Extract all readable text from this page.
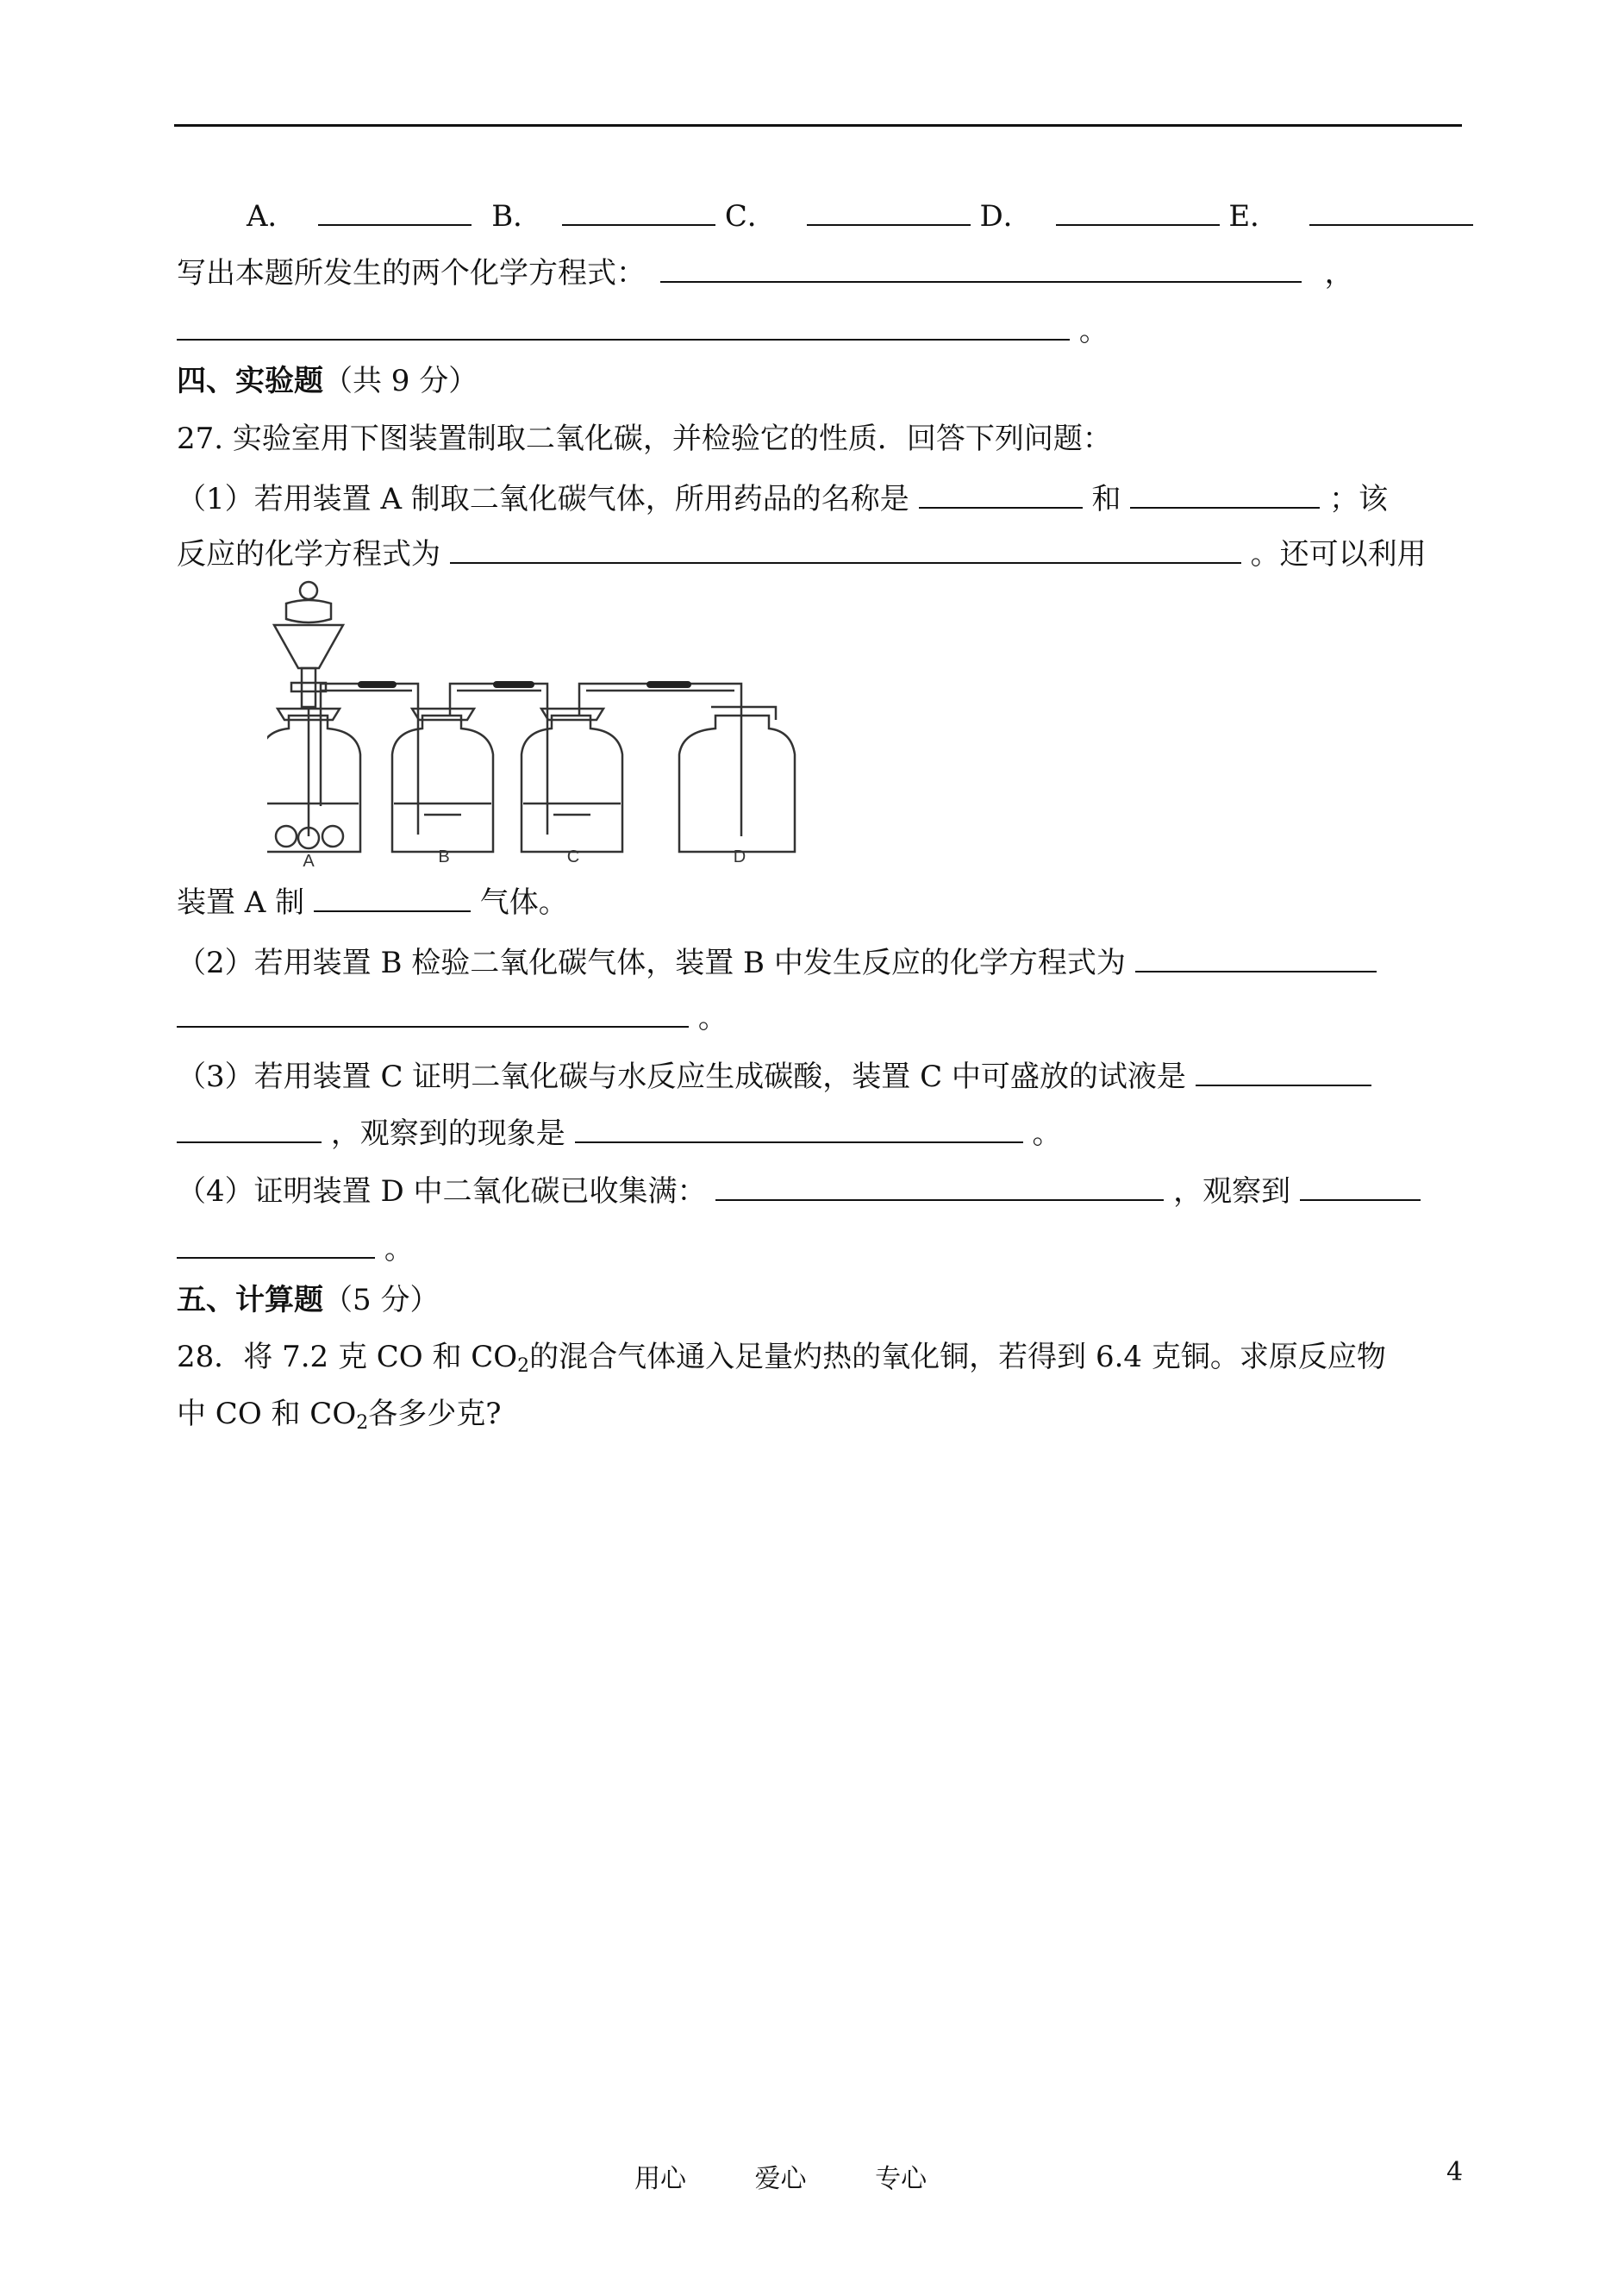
A．	B．	C．	D．	E．
写出本题所发生的两个化学方程式：	，
。
四、实验题（共 9 分）
27. 实验室用下图装置制取二氧化碳，并检验它的性质．回答下列问题：
（1）若用装置 A 制取二氧化碳气体，所用药品的名称是	和	；该
反应的化学方程式为	。还可以利用
A	B	C	D
装置 A 制	气体。
（2）若用装置 B 检验二氧化碳气体，装置 B 中发生反应的化学方程式为
。
（3）若用装置 C 证明二氧化碳与水反应生成碳酸，装置 C 中可盛放的试液是
，观察到的现象是	。
（4）证明装置 D 中二氧化碳已收集满：	，观察到
。
五、计算题（5 分）
28．将 7.2 克 CO 和 $CO_2$的混合气体通入足量灼热的氧化铜，若得到 6.4 克铜。求原反应物
中 CO 和 $CO_2$各多少克?
用心	爱心	专心	4
